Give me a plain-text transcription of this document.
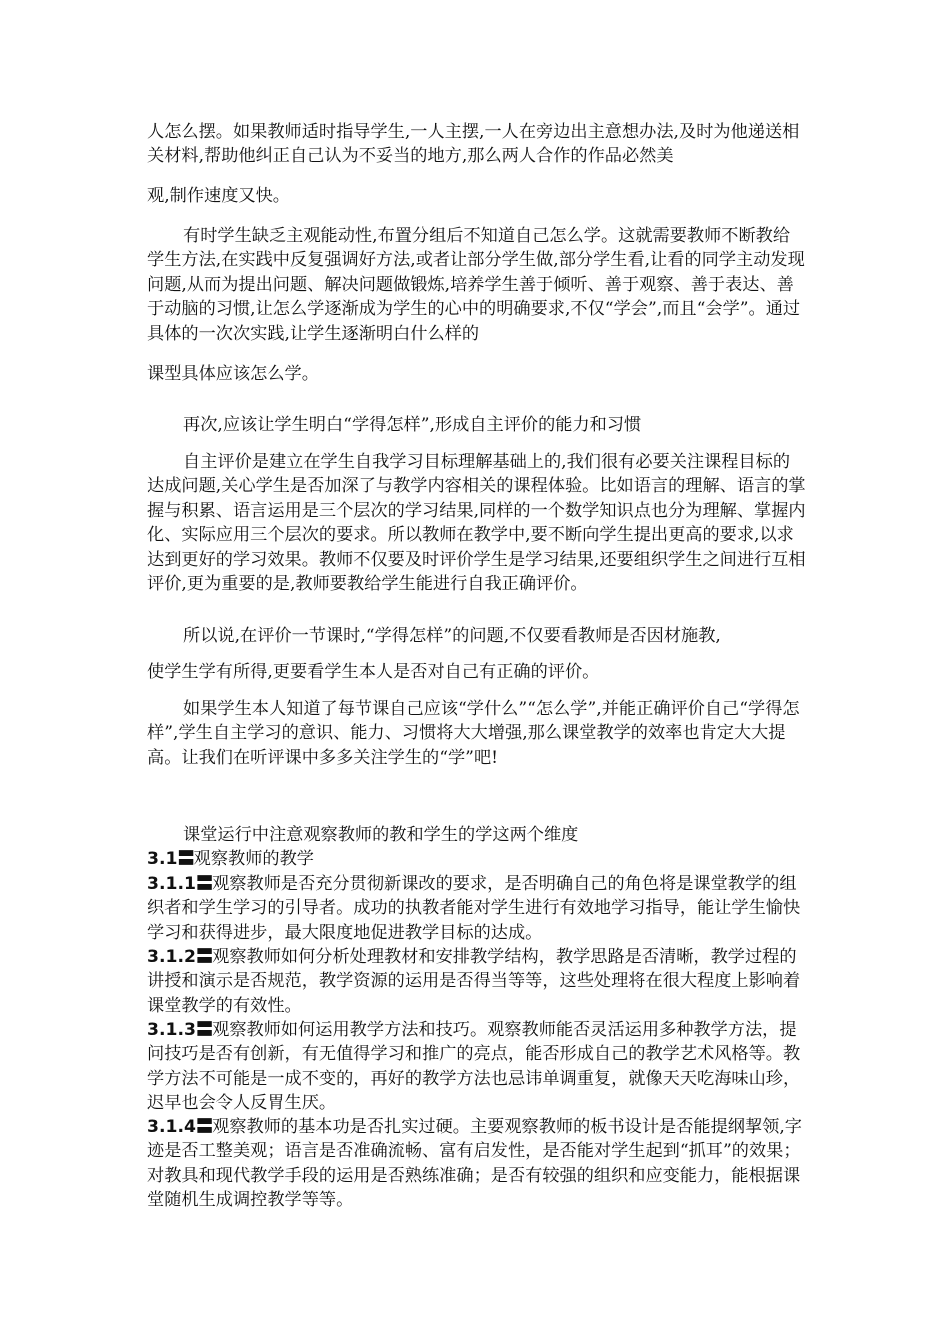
人怎么摆。如果教师适时指导学生,一人主摆,一人在旁边出主意想办法,及时为他递送相关材料,帮助他纠正自己认为不妥当的地方,那么两人合作的作品必然美

观,制作速度又快。

有时学生缺乏主观能动性,布置分组后不知道自己怎么学。这就需要教师不断教给学生方法,在实践中反复强调好方法,或者让部分学生做,部分学生看,让看的同学主动发现问题,从而为提出问题、解决问题做锻炼,培养学生善于倾听、善于观察、善于表达、善于动脑的习惯,让怎么学逐渐成为学生的心中的明确要求,不仅“学会”,而且“会学”。通过具体的一次次实践,让学生逐渐明白什么样的

课型具体应该怎么学。

再次,应该让学生明白“学得怎样”,形成自主评价的能力和习惯

自主评价是建立在学生自我学习目标理解基础上的,我们很有必要关注课程目标的达成问题,关心学生是否加深了与教学内容相关的课程体验。比如语言的理解、语言的掌握与积累、语言运用是三个层次的学习结果,同样的一个数学知识点也分为理解、掌握内化、实际应用三个层次的要求。所以教师在教学中,要不断向学生提出更高的要求,以求达到更好的学习效果。教师不仅要及时评价学生是学习结果,还要组织学生之间进行互相评价,更为重要的是,教师要教给学生能进行自我正确评价。

所以说,在评价一节课时,“学得怎样”的问题,不仅要看教师是否因材施教,

使学生学有所得,更要看学生本人是否对自己有正确的评价。

如果学生本人知道了每节课自己应该“学什么”“怎么学”,并能正确评价自己“学得怎样”,学生自主学习的意识、能力、习惯将大大增强,那么课堂教学的效率也肯定大大提高。让我们在听评课中多多关注学生的“学”吧!

课堂运行中注意观察教师的教和学生的学这两个维度

3.1〓观察教师的教学

3.1.1〓观察教师是否充分贯彻新课改的要求，是否明确自己的角色将是课堂教学的组织者和学生学习的引导者。成功的执教者能对学生进行有效地学习指导，能让学生愉快学习和获得进步，最大限度地促进教学目标的达成。

3.1.2〓观察教师如何分析处理教材和安排教学结构，教学思路是否清晰，教学过程的讲授和演示是否规范，教学资源的运用是否得当等等，这些处理将在很大程度上影响着课堂教学的有效性。

3.1.3〓观察教师如何运用教学方法和技巧。观察教师能否灵活运用多种教学方法，提问技巧是否有创新，有无值得学习和推广的亮点，能否形成自己的教学艺术风格等。教学方法不可能是一成不变的，再好的教学方法也忌讳单调重复，就像天天吃海味山珍，迟早也会令人反胃生厌。

3.1.4〓观察教师的基本功是否扎实过硬。主要观察教师的板书设计是否能提纲挈领,字迹是否工整美观；语言是否准确流畅、富有启发性，是否能对学生起到“抓耳”的效果；对教具和现代教学手段的运用是否熟练准确；是否有较强的组织和应变能力，能根据课堂随机生成调控教学等等。
